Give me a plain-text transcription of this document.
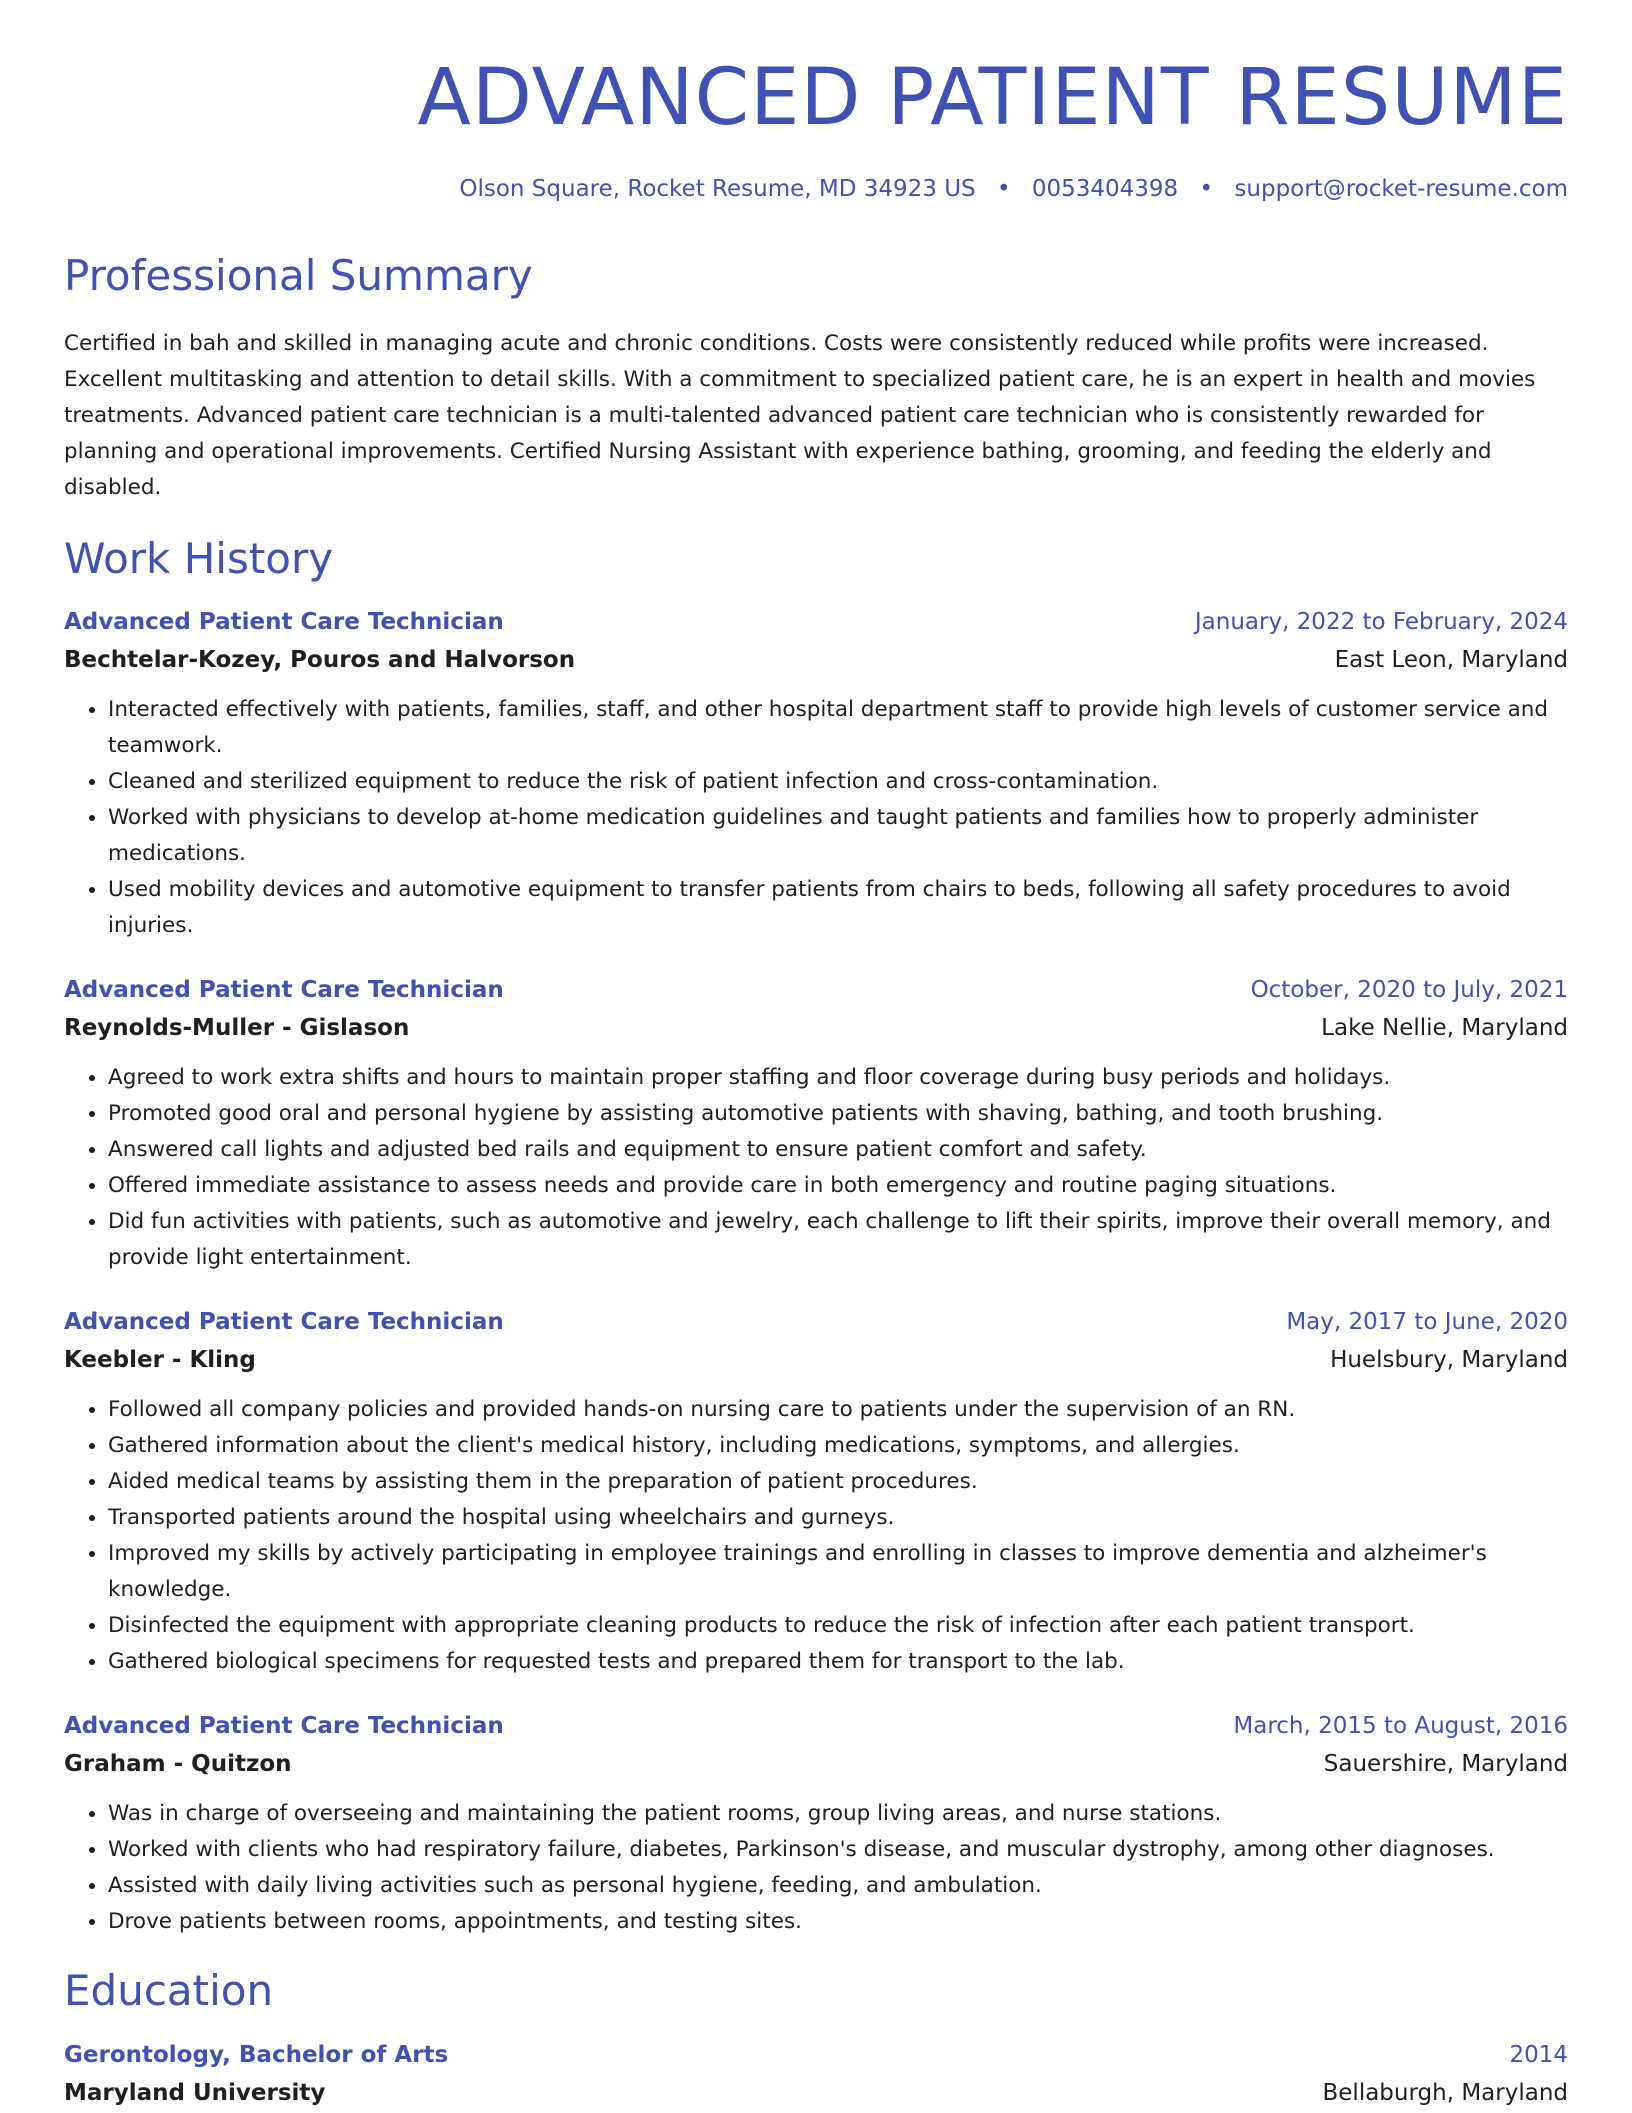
ADVANCED PATIENT RESUME
Olson Square, Rocket Resume, MD 34923 US • 0053404398 • support@rocket-resume.com
Professional Summary

Certified in bah and skilled in managing acute and chronic conditions. Costs were consistently reduced while profits were increased. Excellent multitasking and attention to detail skills. With a commitment to specialized patient care, he is an expert in health and movies treatments. Advanced patient care technician is a multi-talented advanced patient care technician who is consistently rewarded for planning and operational improvements. Certified Nursing Assistant with experience bathing, grooming, and feeding the elderly and disabled.

Work History
Advanced Patient Care Technician	January, 2022 to February, 2024
Bechtelar-Kozey, Pouros and Halvorson	East Leon, Maryland
• Interacted effectively with patients, families, staff, and other hospital department staff to provide high levels of customer service and teamwork.
• Cleaned and sterilized equipment to reduce the risk of patient infection and cross-contamination.
• Worked with physicians to develop at-home medication guidelines and taught patients and families how to properly administer medications.
• Used mobility devices and automotive equipment to transfer patients from chairs to beds, following all safety procedures to avoid injuries.
Advanced Patient Care Technician	October, 2020 to July, 2021
Reynolds-Muller - Gislason	Lake Nellie, Maryland
• Agreed to work extra shifts and hours to maintain proper staffing and floor coverage during busy periods and holidays.
• Promoted good oral and personal hygiene by assisting automotive patients with shaving, bathing, and tooth brushing.
• Answered call lights and adjusted bed rails and equipment to ensure patient comfort and safety.
• Offered immediate assistance to assess needs and provide care in both emergency and routine paging situations.
• Did fun activities with patients, such as automotive and jewelry, each challenge to lift their spirits, improve their overall memory, and provide light entertainment.
Advanced Patient Care Technician	May, 2017 to June, 2020
Keebler - Kling	Huelsbury, Maryland
• Followed all company policies and provided hands-on nursing care to patients under the supervision of an RN.
• Gathered information about the client's medical history, including medications, symptoms, and allergies.
• Aided medical teams by assisting them in the preparation of patient procedures.
• Transported patients around the hospital using wheelchairs and gurneys.
• Improved my skills by actively participating in employee trainings and enrolling in classes to improve dementia and alzheimer's knowledge.
• Disinfected the equipment with appropriate cleaning products to reduce the risk of infection after each patient transport.
• Gathered biological specimens for requested tests and prepared them for transport to the lab.
Advanced Patient Care Technician	March, 2015 to August, 2016
Graham - Quitzon	Sauershire, Maryland
• Was in charge of overseeing and maintaining the patient rooms, group living areas, and nurse stations.
• Worked with clients who had respiratory failure, diabetes, Parkinson's disease, and muscular dystrophy, among other diagnoses.
• Assisted with daily living activities such as personal hygiene, feeding, and ambulation.
• Drove patients between rooms, appointments, and testing sites.
Education
Gerontology, Bachelor of Arts	2014
Maryland University	Bellaburgh, Maryland
